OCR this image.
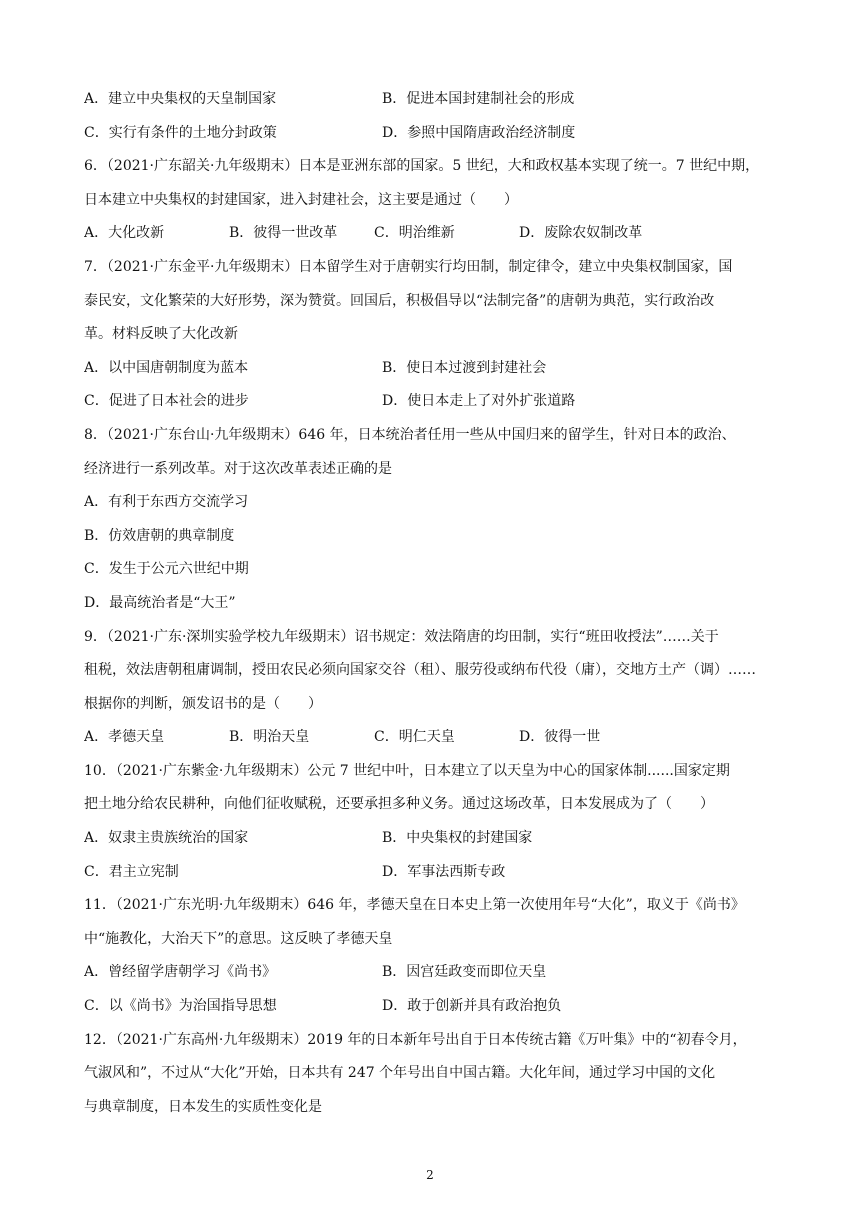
A．建立中央集权的天皇制国家	B．促进本国封建制社会的形成
C．实行有条件的土地分封政策	D．参照中国隋唐政治经济制度
6．（2021·广东韶关·九年级期末）日本是亚洲东部的国家。5 世纪，大和政权基本实现了统一。7 世纪中期，
日本建立中央集权的封建国家，进入封建社会，这主要是通过（　　）
A．大化改新	B．彼得一世改革	C．明治维新	D．废除农奴制改革
7．（2021·广东金平·九年级期末）日本留学生对于唐朝实行均田制，制定律令，建立中央集权制国家，国
泰民安，文化繁荣的大好形势，深为赞赏。回国后，积极倡导以“法制完备”的唐朝为典范，实行政治改
革。材料反映了大化改新
A．以中国唐朝制度为蓝本	B．使日本过渡到封建社会
C．促进了日本社会的进步	D．使日本走上了对外扩张道路
8．（2021·广东台山·九年级期末）646 年，日本统治者任用一些从中国归来的留学生，针对日本的政治、
经济进行一系列改革。对于这次改革表述正确的是
A．有利于东西方交流学习
B．仿效唐朝的典章制度
C．发生于公元六世纪中期
D．最高统治者是“大王”
9．（2021·广东·深圳实验学校九年级期末）诏书规定：效法隋唐的均田制，实行“班田收授法”……关于
租税，效法唐朝租庸调制，授田农民必须向国家交谷（租）、服劳役或纳布代役（庸），交地方土产（调）……
根据你的判断，颁发诏书的是（　　）
A．孝德天皇	B．明治天皇	C．明仁天皇	D．彼得一世
10．（2021·广东紫金·九年级期末）公元 7 世纪中叶，日本建立了以天皇为中心的国家体制......国家定期
把土地分给农民耕种，向他们征收赋税，还要承担多种义务。通过这场改革，日本发展成为了（　　）
A．奴隶主贵族统治的国家	B．中央集权的封建国家
C．君主立宪制	D．军事法西斯专政
11．（2021·广东光明·九年级期末）646 年，孝德天皇在日本史上第一次使用年号“大化”，取义于《尚书》
中“施教化，大治天下”的意思。这反映了孝德天皇
A．曾经留学唐朝学习《尚书》	B．因宫廷政变而即位天皇
C．以《尚书》为治国指导思想	D．敢于创新并具有政治抱负
12．（2021·广东高州·九年级期末）2019 年的日本新年号出自于日本传统古籍《万叶集》中的“初春令月，
气淑风和”，不过从“大化”开始，日本共有 247 个年号出自中国古籍。大化年间，通过学习中国的文化
与典章制度，日本发生的实质性变化是
2
